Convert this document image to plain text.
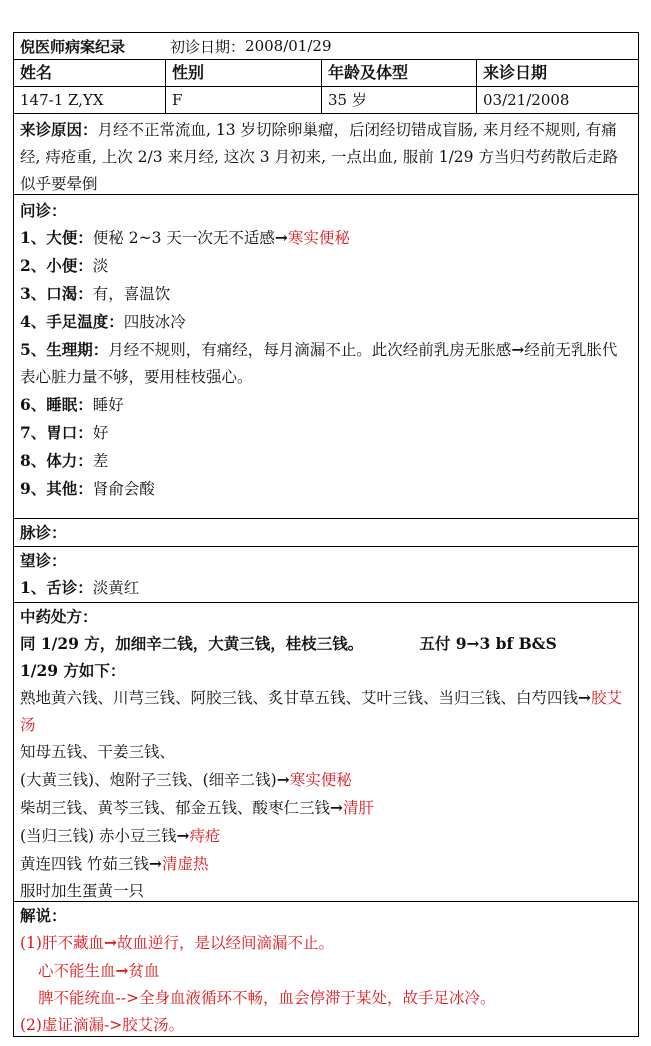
倪医师病案纪录	初诊日期： 2008/01/29
姓名	性别	年龄及体型	来诊日期
147-1 Z,YX	F	35 岁	03/21/2008
来诊原因：月经不正常流血, 13 岁切除卵巢瘤，后闭经切错成盲肠, 来月经不规则, 有痛经, 痔疮重, 上次 2/3 来月经, 这次 3 月初来, 一点出血, 服前 1/29 方当归芍药散后走路似乎要晕倒
问诊：
1、大便：便秘 2~3 天一次无不适感→寒实便秘
2、小便：淡
3、口渴：有，喜温饮
4、手足温度：四肢冰冷
5、生理期：月经不规则，有痛经，每月滴漏不止。此次经前乳房无胀感→经前无乳胀代表心脏力量不够，要用桂枝强心。
6、睡眠：睡好
7、胃口：好
8、体力：差
9、其他：肾俞会酸
脉诊：
望诊：
1、舌诊：淡黄红
中药处方：
同 1/29 方，加细辛二钱，大黄三钱，桂枝三钱。	五付 9→3 bf B&S
1/29 方如下：
熟地黄六钱、川芎三钱、阿胶三钱、炙甘草五钱、艾叶三钱、当归三钱、白芍四钱→胶艾汤
知母五钱、干姜三钱、
(大黄三钱)、炮附子三钱、(细辛二钱)→寒实便秘
柴胡三钱、黄芩三钱、郁金五钱、酸枣仁三钱→清肝
(当归三钱) 赤小豆三钱→痔疮
黄连四钱 竹茹三钱→清虚热
服时加生蛋黄一只
解说：
(1)肝不藏血→故血逆行，是以经间滴漏不止。
心不能生血→贫血
脾不能统血-->全身血液循环不畅，血会停滞于某处，故手足冰冷。
(2)虚证滴漏->胶艾汤。
